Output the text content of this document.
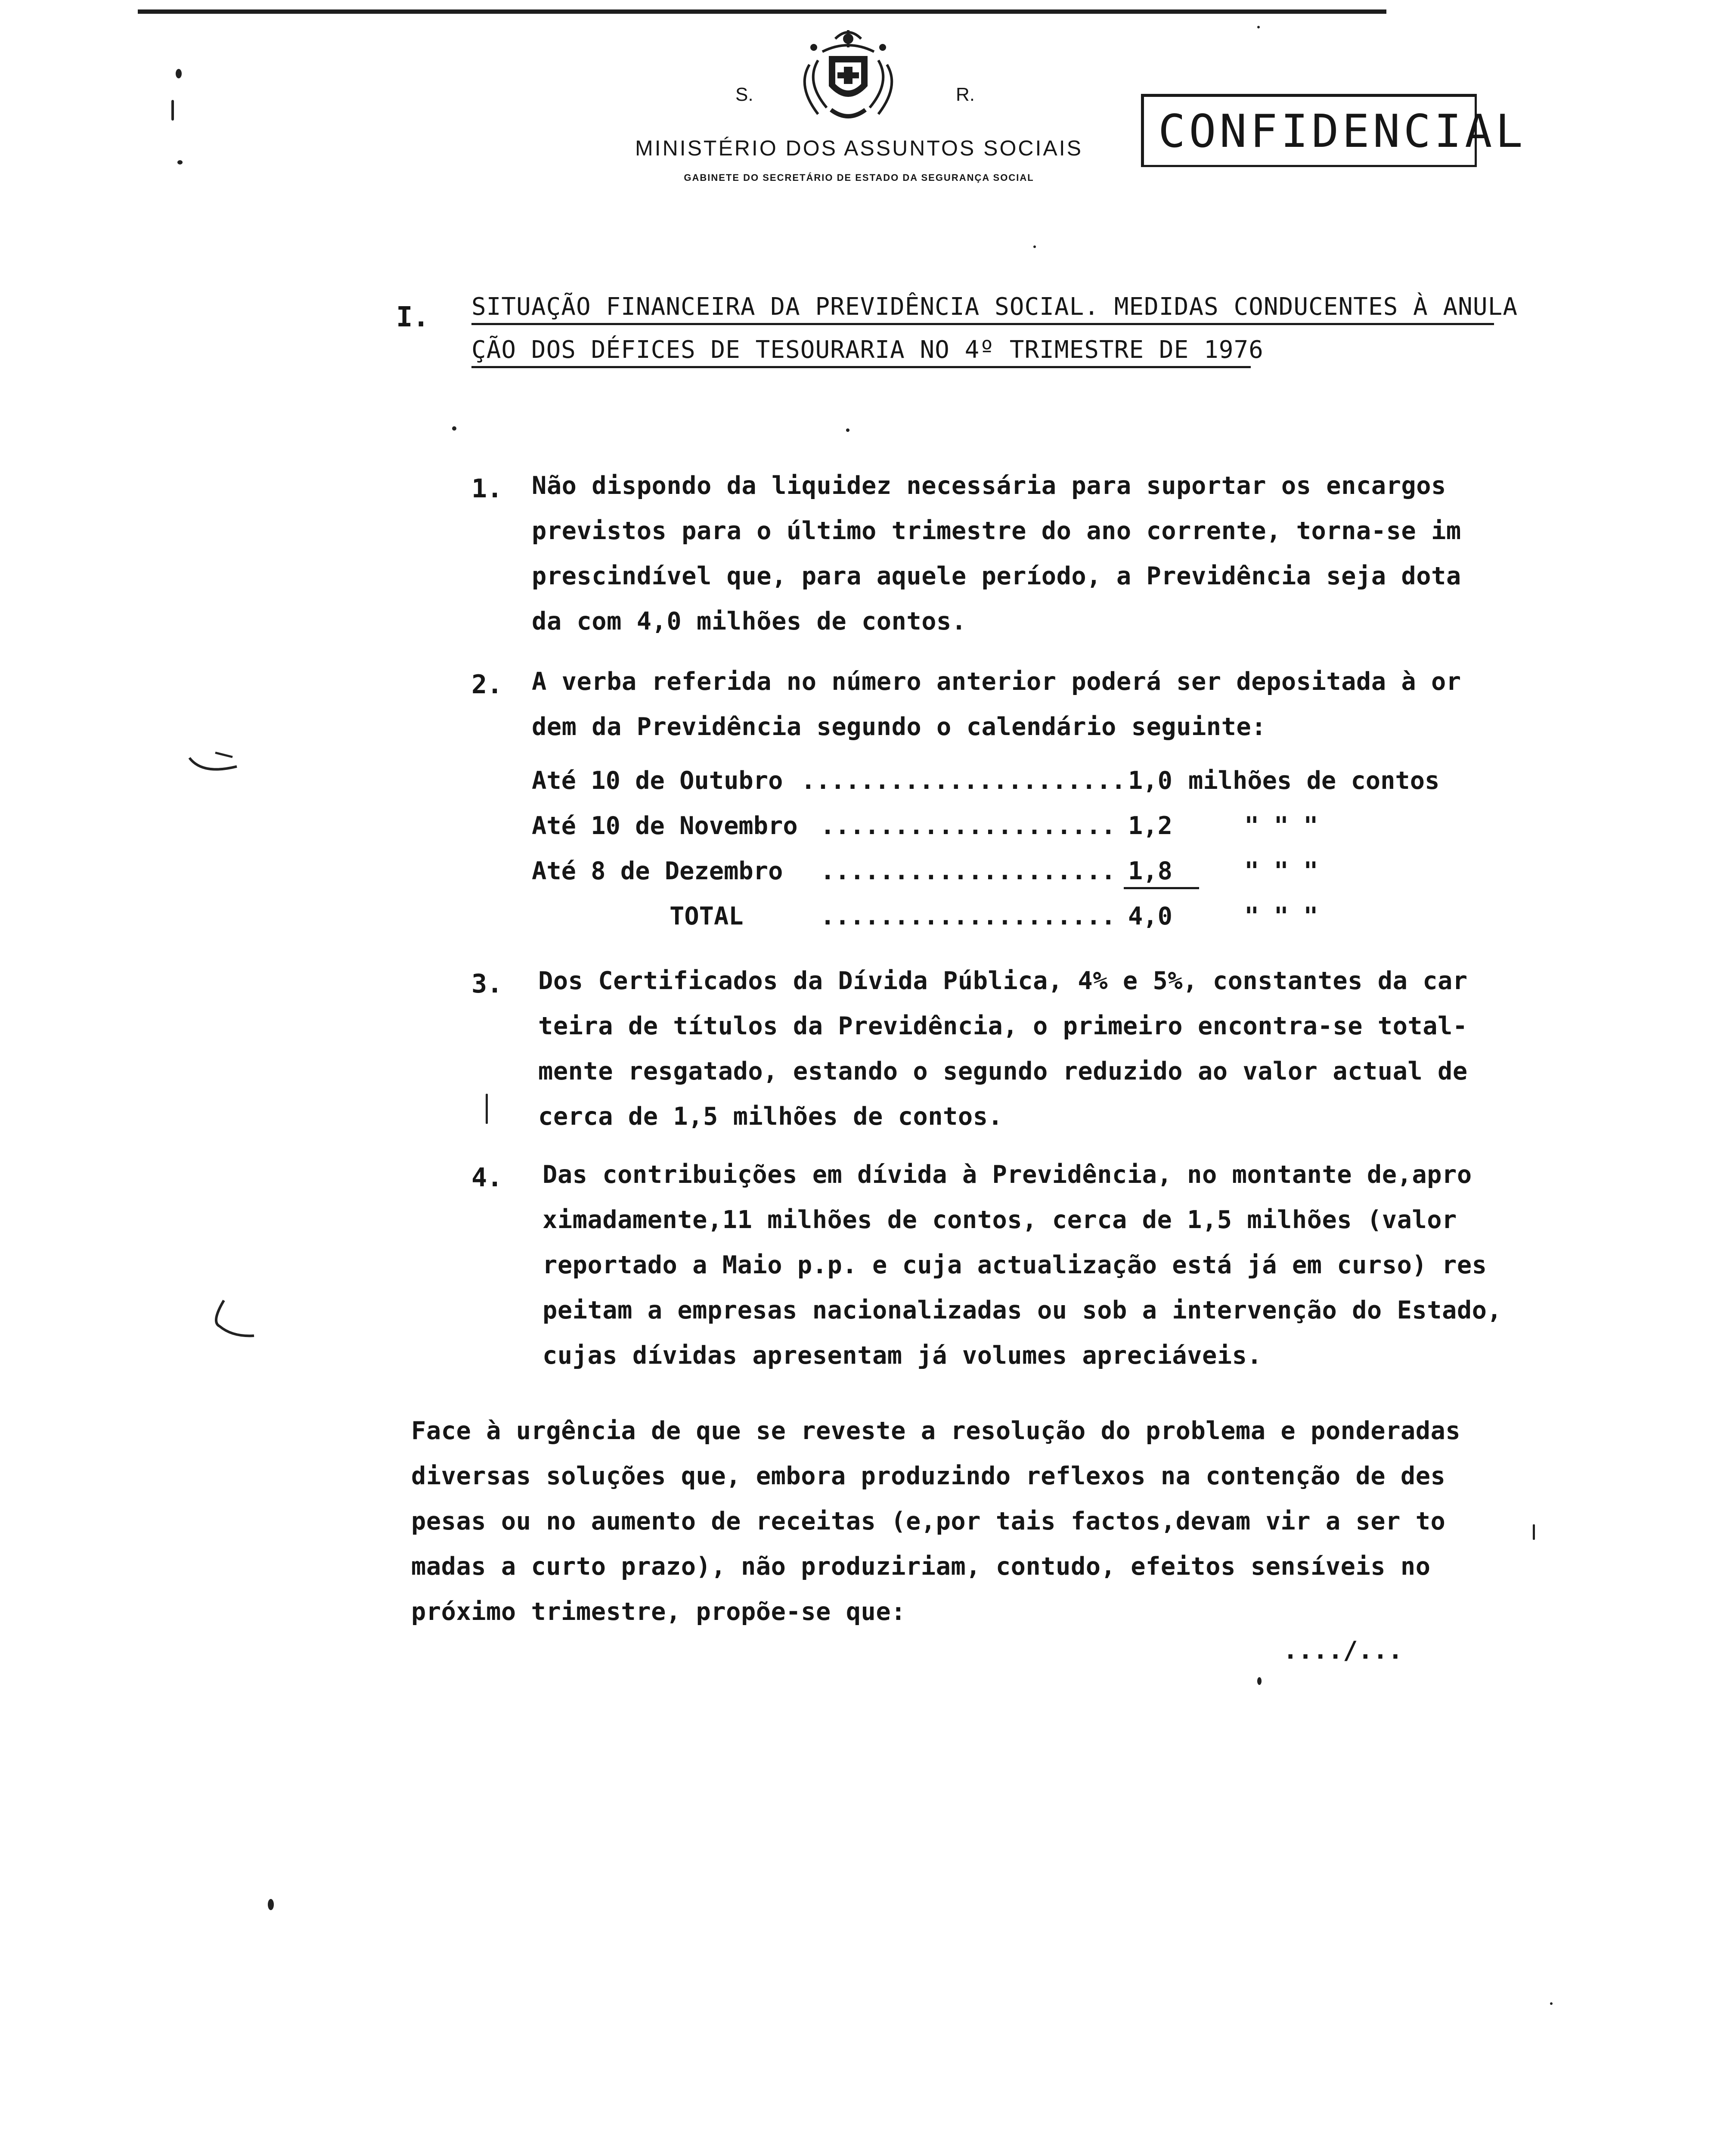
S.	R.
MINISTÉRIO DOS ASSUNTOS SOCIAIS
GABINETE DO SECRETÁRIO DE ESTADO DA SEGURANÇA SOCIAL
CONFIDENCIAL
I. SITUAÇÃO FINANCEIRA DA PREVIDÊNCIA SOCIAL. MEDIDAS CONDUCENTES À ANULA
ÇÃO DOS DÉFICES DE TESOURARIA NO 4º TRIMESTRE DE 1976
1. Não dispondo da liquidez necessária para suportar os encargos
previstos para o último trimestre do ano corrente, torna-se im
prescindível que, para aquele período, a Previdência seja dota
da com 4,0 milhões de contos.
2. A verba referida no número anterior poderá ser depositada à or
dem da Previdência segundo o calendário seguinte:
Até 10 de Outubro ...................... 1,0 milhões de contos
Até 10 de Novembro .................... 1,2	" " "
Até 8 de Dezembro .................... 1,8	" " "
TOTAL	.................... 4,0	" " "
3. Dos Certificados da Dívida Pública, 4% e 5%, constantes da car
teira de títulos da Previdência, o primeiro encontra-se total-
mente resgatado, estando o segundo reduzido ao valor actual de
cerca de 1,5 milhões de contos.
4. Das contribuições em dívida à Previdência, no montante de,apro
ximadamente,11 milhões de contos, cerca de 1,5 milhões (valor
reportado a Maio p.p. e cuja actualização está já em curso) res
peitam a empresas nacionalizadas ou sob a intervenção do Estado,
cujas dívidas apresentam já volumes apreciáveis.
Face à urgência de que se reveste a resolução do problema e ponderadas
diversas soluções que, embora produzindo reflexos na contenção de des
pesas ou no aumento de receitas (e,por tais factos,devam vir a ser to
madas a curto prazo), não produziriam, contudo, efeitos sensíveis no
próximo trimestre, propõe-se que:
..../...
